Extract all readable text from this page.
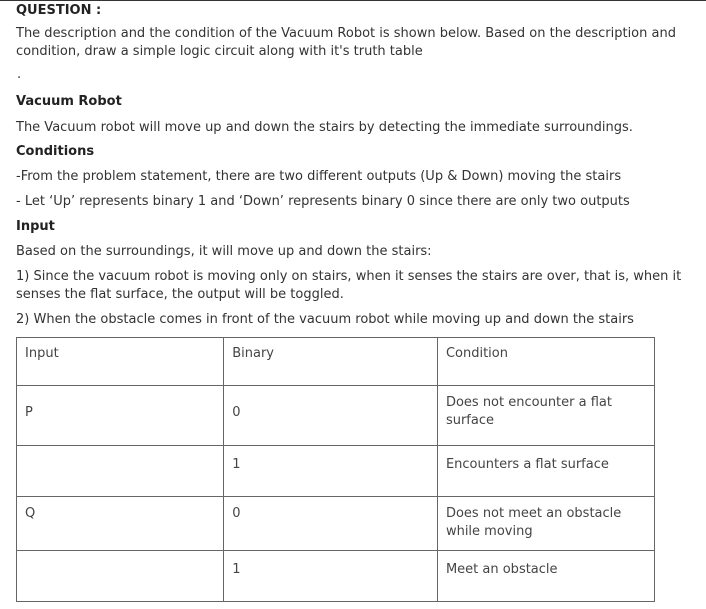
QUESTION :
The description and the condition of the Vacuum Robot is shown below. Based on the description and condition, draw a simple logic circuit along with it's truth table
.
Vacuum Robot
The Vacuum robot will move up and down the stairs by detecting the immediate surroundings.
Conditions
-From the problem statement, there are two different outputs (Up & Down) moving the stairs
- Let ‘Up’ represents binary 1 and ‘Down’ represents binary 0 since there are only two outputs
Input
Based on the surroundings, it will move up and down the stairs:
1) Since the vacuum robot is moving only on stairs, when it senses the stairs are over, that is, when it senses the flat surface, the output will be toggled.
2) When the obstacle comes in front of the vacuum robot while moving up and down the stairs
Input	Binary	Condition
P	0	Does not encounter a flat surface
	1	Encounters a flat surface
Q	0	Does not meet an obstacle while moving
	1	Meet an obstacle
